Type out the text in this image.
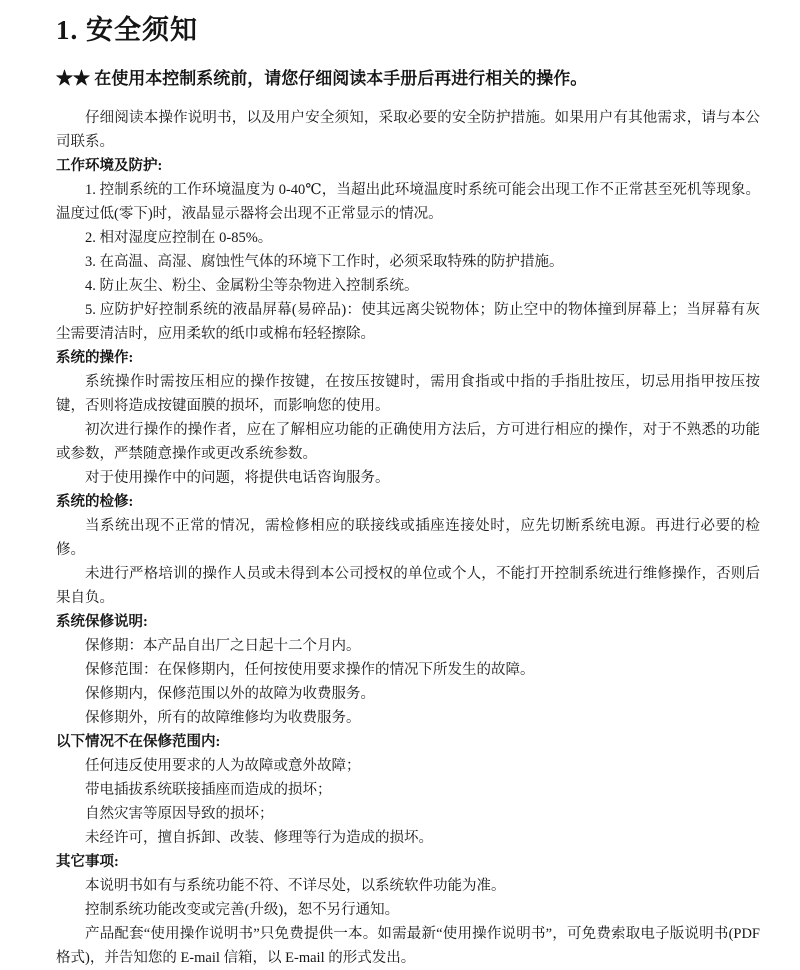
1. 安全须知

★★ 在使用本控制系统前，请您仔细阅读本手册后再进行相关的操作。

仔细阅读本操作说明书，以及用户安全须知，采取必要的安全防护措施。如果用户有其他需求，请与本公司联系。

工作环境及防护:

1. 控制系统的工作环境温度为 0-40℃，当超出此环境温度时系统可能会出现工作不正常甚至死机等现象。温度过低(零下)时，液晶显示器将会出现不正常显示的情况。

2. 相对湿度应控制在 0-85%。

3. 在高温、高湿、腐蚀性气体的环境下工作时，必须采取特殊的防护措施。

4. 防止灰尘、粉尘、金属粉尘等杂物进入控制系统。

5. 应防护好控制系统的液晶屏幕(易碎品)：使其远离尖锐物体；防止空中的物体撞到屏幕上；当屏幕有灰尘需要清洁时，应用柔软的纸巾或棉布轻轻擦除。

系统的操作:

系统操作时需按压相应的操作按键，在按压按键时，需用食指或中指的手指肚按压，切忌用指甲按压按键，否则将造成按键面膜的损坏，而影响您的使用。

初次进行操作的操作者，应在了解相应功能的正确使用方法后，方可进行相应的操作，对于不熟悉的功能或参数，严禁随意操作或更改系统参数。

对于使用操作中的问题，将提供电话咨询服务。

系统的检修:

当系统出现不正常的情况，需检修相应的联接线或插座连接处时，应先切断系统电源。再进行必要的检修。

未进行严格培训的操作人员或未得到本公司授权的单位或个人，不能打开控制系统进行维修操作，否则后果自负。

系统保修说明:

保修期：本产品自出厂之日起十二个月内。

保修范围：在保修期内，任何按使用要求操作的情况下所发生的故障。

保修期内，保修范围以外的故障为收费服务。

保修期外，所有的故障维修均为收费服务。

以下情况不在保修范围内:

任何违反使用要求的人为故障或意外故障；

带电插拔系统联接插座而造成的损坏；

自然灾害等原因导致的损坏；

未经许可，擅自拆卸、改装、修理等行为造成的损坏。

其它事项:

本说明书如有与系统功能不符、不详尽处，以系统软件功能为准。

控制系统功能改变或完善(升级)，恕不另行通知。

产品配套“使用操作说明书”只免费提供一本。如需最新“使用操作说明书”，可免费索取电子版说明书(PDF格式)，并告知您的 E-mail 信箱，以 E-mail 的形式发出。
